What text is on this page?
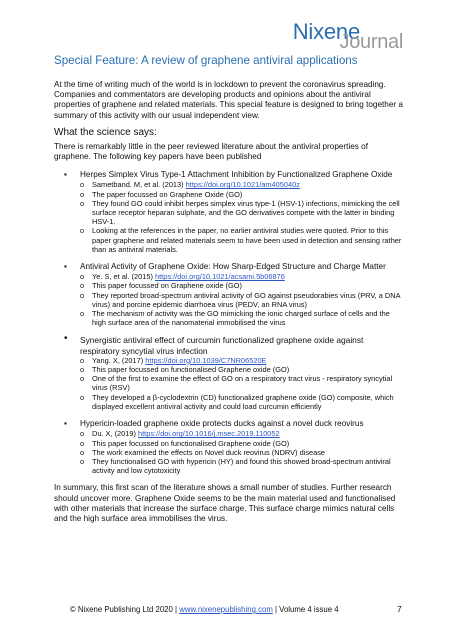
Nixene
Journal
Special Feature: A review of graphene antiviral applications

At the time of writing much of the world is in lockdown to prevent the coronavirus spreading. Companies and commentators are developing products and opinions about the antiviral properties of graphene and related materials. This special feature is designed to bring together a summary of this activity with our usual independent view.

What the science says:

There is remarkably little in the peer reviewed literature about the antiviral properties of graphene. The following key papers have been published

▪ Herpes Simplex Virus Type-1 Attachment Inhibition by Functionalized Graphene Oxide
o Sametband. M, et al. (2013) https://doi.org/10.1021/am405040z
o The paper focussed on Graphene Oxide (GO)
o They found GO could inhibit herpes simplex virus type-1 (HSV-1) infections, mimicking the cell surface receptor heparan sulphate, and the GO derivatives compete with the latter in binding HSV-1.
o Looking at the references in the paper, no earlier antiviral studies were quoted. Prior to this paper graphene and related materials seem to have been used in detection and sensing rather than as antiviral materials.
▪ Antiviral Activity of Graphene Oxide: How Sharp-Edged Structure and Charge Matter
o Ye. S, et al. (2015) https://doi.org/10.1021/acsami.5b06876
o This paper focussed on Graphene oxide (GO)
o They reported broad-spectrum antiviral activity of GO against pseudorabies virus (PRV, a DNA virus) and porcine epidemic diarrhoea virus (PEDV, an RNA virus)
o The mechanism of activity was the GO mimicking the ionic charged surface of cells and the high surface area of the nanomaterial immobilised the virus
• Synergistic antiviral effect of curcumin functionalized graphene oxide against respiratory syncytial virus infection
o Yang. X, (2017) https://doi.org/10.1039/C7NR06520E
o This paper focussed on functionalised Graphene oxide (GO)
o One of the first to examine the effect of GO on a respiratory tract virus - respiratory syncytial virus (RSV)
o They developed a β-cyclodextrin (CD) functionalized graphene oxide (GO) composite, which displayed excellent antiviral activity and could load curcumin efficiently
▪ Hypericin-loaded graphene oxide protects ducks against a novel duck reovirus
o Du. X, (2019) https://doi.org/10.1016/j.msec.2019.110052
o This paper focussed on functionalised Graphene oxide (GO)
o The work examined the effects on Novel duck reovirus (NDRV) disease
o They functionalised GO with hypericin (HY) and found this showed broad-spectrum antiviral activity and low cytotoxicity

In summary, this first scan of the literature shows a small number of studies. Further research should uncover more. Graphene Oxide seems to be the main material used and functionalised with other materials that increase the surface charge. This surface charge mimics natural cells and the high surface area immobilises the virus.

© Nixene Publishing Ltd 2020 | www.nixenepublishing.com | Volume 4 issue 4	7
